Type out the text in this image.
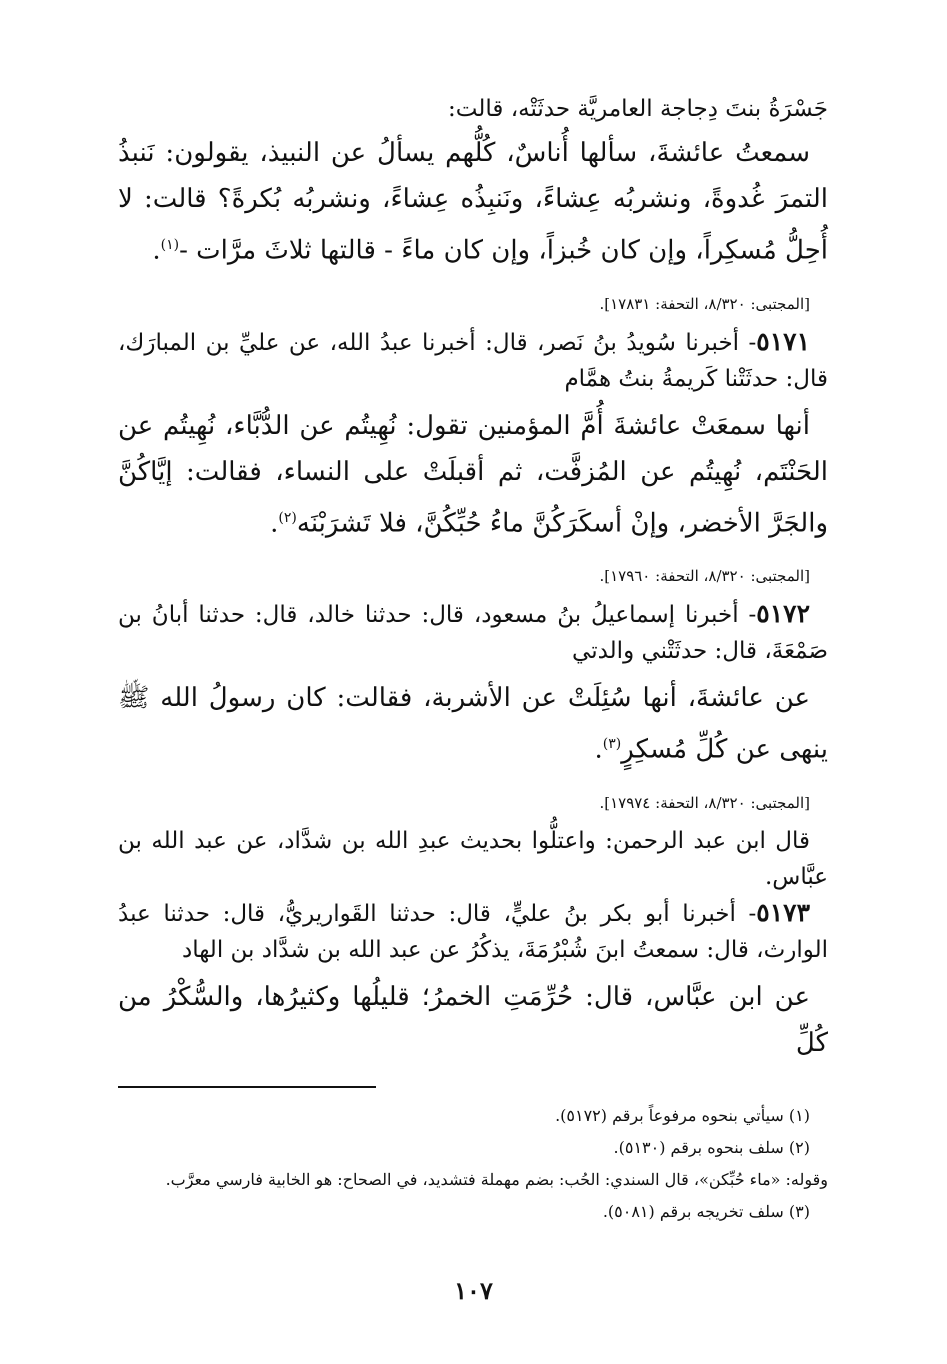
جَسْرَةُ بنتَ دِجاجة العامريَّة حدثَتْه، قالت:

سمعتُ عائشةَ، سألها أُناسٌ، كُلُّهم يسألُ عن النبيذ، يقولون: نَنبذُ التمرَ غُدوةً، ونشربُه عِشاءً، ونَنبِذُه عِشاءً، ونشربُه بُكرةً؟ قالت: لا أُحِلُّ مُسكِراً، وإن كان خُبزاً، وإن كان ماءً - قالتها ثلاثَ مرَّات -$^{(١)}$.

[المجتبى: ٨/٣٢٠، التحفة: ١٧٨٣١].

٥١٧١- أخبرنا سُويدُ بنُ نَصر، قال: أخبرنا عبدُ الله، عن عليِّ بن المبارَك، قال: حدثَتْنا كَريمةُ بنتُ همَّام

أنها سمعَتْ عائشةَ أُمَّ المؤمنين تقول: نُهِيتُم عن الدُّبَّاء، نُهِيتُم عن الحَنْتَم، نُهِيتُم عن المُزفَّت، ثم أقبلَتْ على النساء، فقالت: إيَّاكُنَّ والجَرَّ الأخضر، وإنْ أسكَرَكُنَّ ماءُ حُبِّكُنَّ، فلا تَشرَبْنَه$^{(٢)}$.

[المجتبى: ٨/٣٢٠، التحفة: ١٧٩٦٠].

٥١٧٢- أخبرنا إسماعيلُ بنُ مسعود، قال: حدثنا خالد، قال: حدثنا أبانُ بن صَمْعَةَ، قال: حدثَتْني والدتي

عن عائشةَ، أنها سُئِلَتْ عن الأشربة، فقالت: كان رسولُ الله ﷺ ينهى عن كُلِّ مُسكِرٍ$^{(٣)}$.

[المجتبى: ٨/٣٢٠، التحفة: ١٧٩٧٤].

قال ابن عبد الرحمن: واعتلُّوا بحديث عبدِ الله بن شدَّاد، عن عبد الله بن عبَّاس.

٥١٧٣- أخبرنا أبو بكر بنُ عليٍّ، قال: حدثنا القَواريريُّ، قال: حدثنا عبدُ الوارث، قال: سمعتُ ابنَ شُبْرُمَةَ، يذكُرُ عن عبد الله بن شدَّاد بن الهاد

عن ابن عبَّاس، قال: حُرِّمَتِ الخمرُ؛ قليلُها وكثيرُها، والسُّكْرُ من كُلِّ

(١) سيأتي بنحوه مرفوعاً برقم (٥١٧٢).

(٢) سلف بنحوه برقم (٥١٣٠).

وقوله: «ماء حُبِّكن»، قال السندي: الحُب: بضم مهملة فتشديد، في الصحاح: هو الخابية فارسي معرَّب.

(٣) سلف تخريجه برقم (٥٠٨١).

١٠٧
